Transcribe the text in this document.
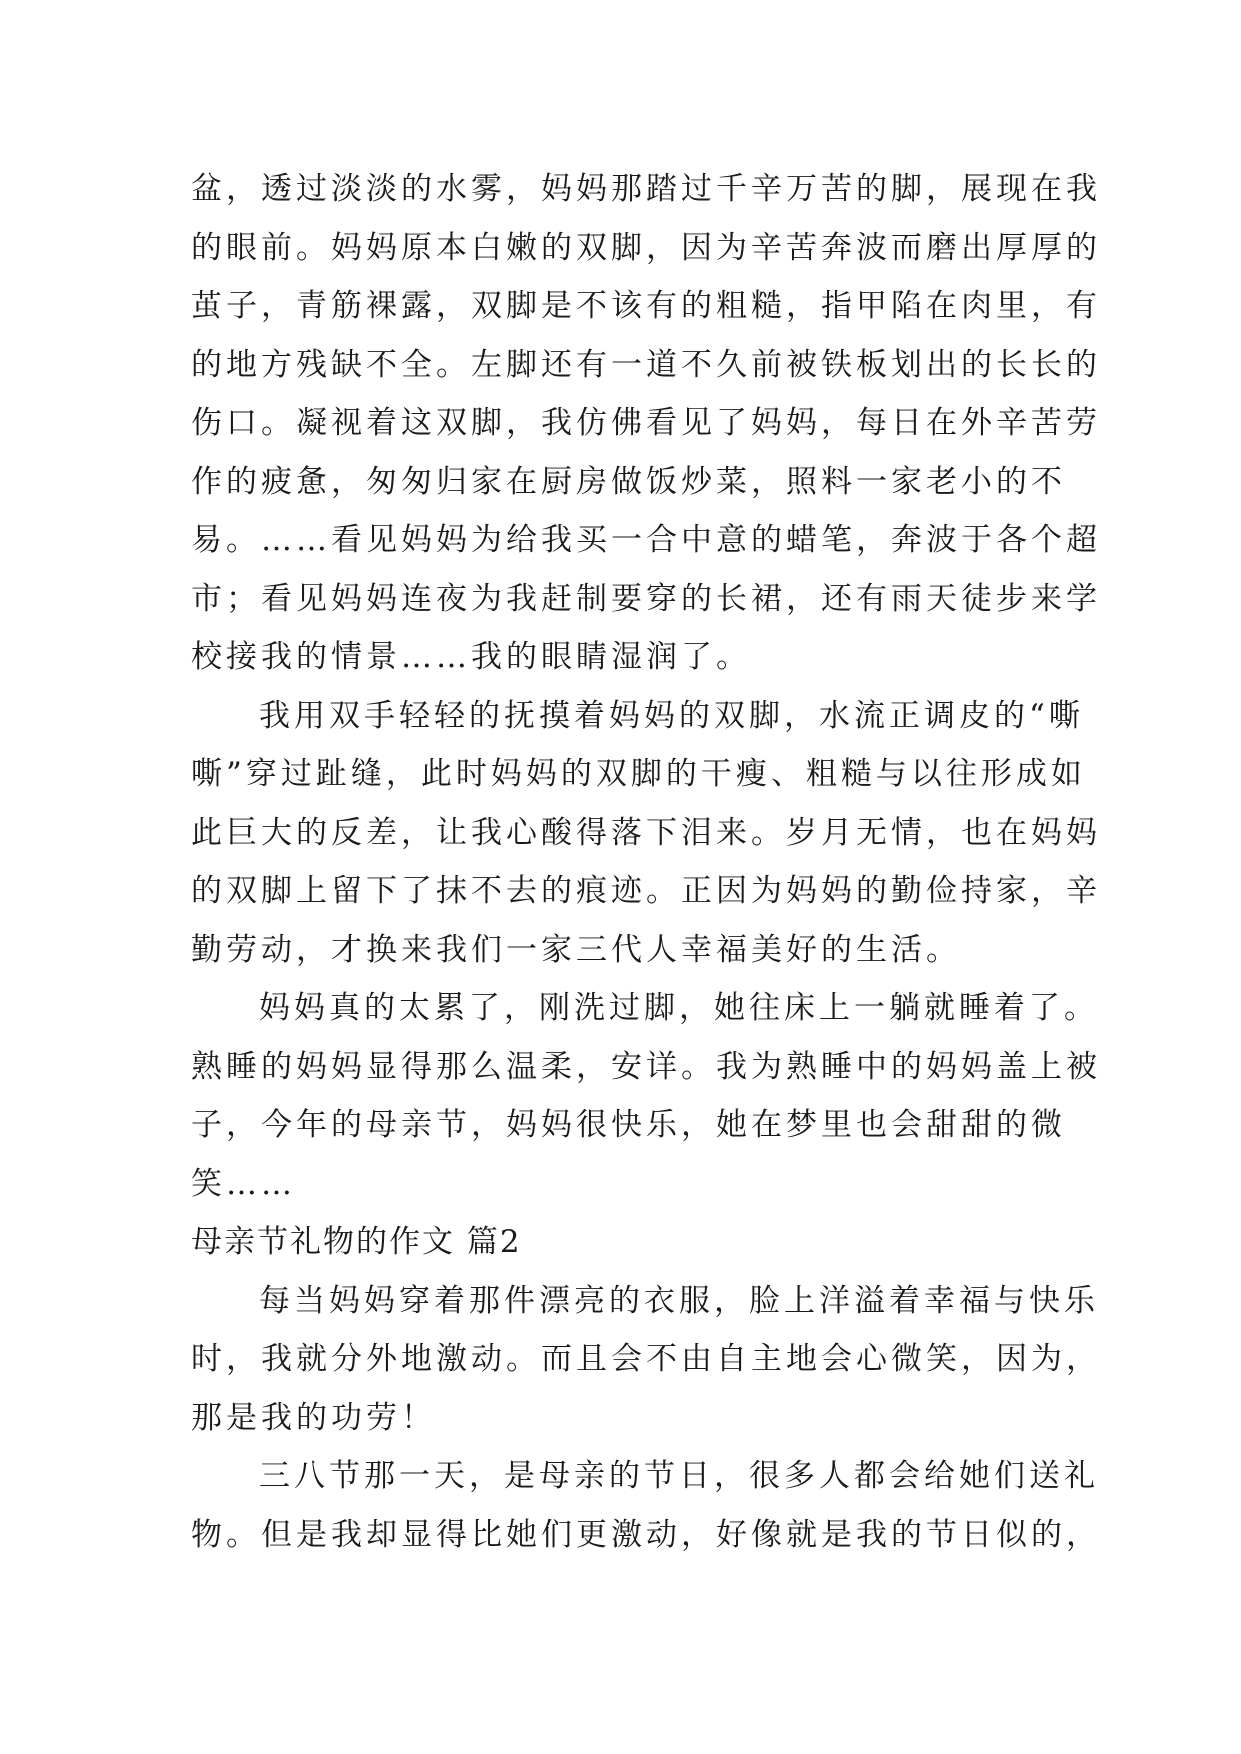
盆，透过淡淡的水雾，妈妈那踏过千辛万苦的脚，展现在我
的眼前。妈妈原本白嫩的双脚，因为辛苦奔波而磨出厚厚的
茧子，青筋裸露，双脚是不该有的粗糙，指甲陷在肉里，有
的地方残缺不全。左脚还有一道不久前被铁板划出的长长的
伤口。凝视着这双脚，我仿佛看见了妈妈，每日在外辛苦劳
作的疲惫，匆匆归家在厨房做饭炒菜，照料一家老小的不
易。……看见妈妈为给我买一合中意的蜡笔，奔波于各个超
市；看见妈妈连夜为我赶制要穿的长裙，还有雨天徒步来学
校接我的情景……我的眼睛湿润了。
我用双手轻轻的抚摸着妈妈的双脚，水流正调皮的“嘶
嘶”穿过趾缝，此时妈妈的双脚的干瘦、粗糙与以往形成如
此巨大的反差，让我心酸得落下泪来。岁月无情，也在妈妈
的双脚上留下了抹不去的痕迹。正因为妈妈的勤俭持家，辛
勤劳动，才换来我们一家三代人幸福美好的生活。
妈妈真的太累了，刚洗过脚，她往床上一躺就睡着了。
熟睡的妈妈显得那么温柔，安详。我为熟睡中的妈妈盖上被
子，今年的母亲节，妈妈很快乐，她在梦里也会甜甜的微
笑……
母亲节礼物的作文 篇2
每当妈妈穿着那件漂亮的衣服，脸上洋溢着幸福与快乐
时，我就分外地激动。而且会不由自主地会心微笑，因为，
那是我的功劳！
三八节那一天，是母亲的节日，很多人都会给她们送礼
物。但是我却显得比她们更激动，好像就是我的节日似的，
